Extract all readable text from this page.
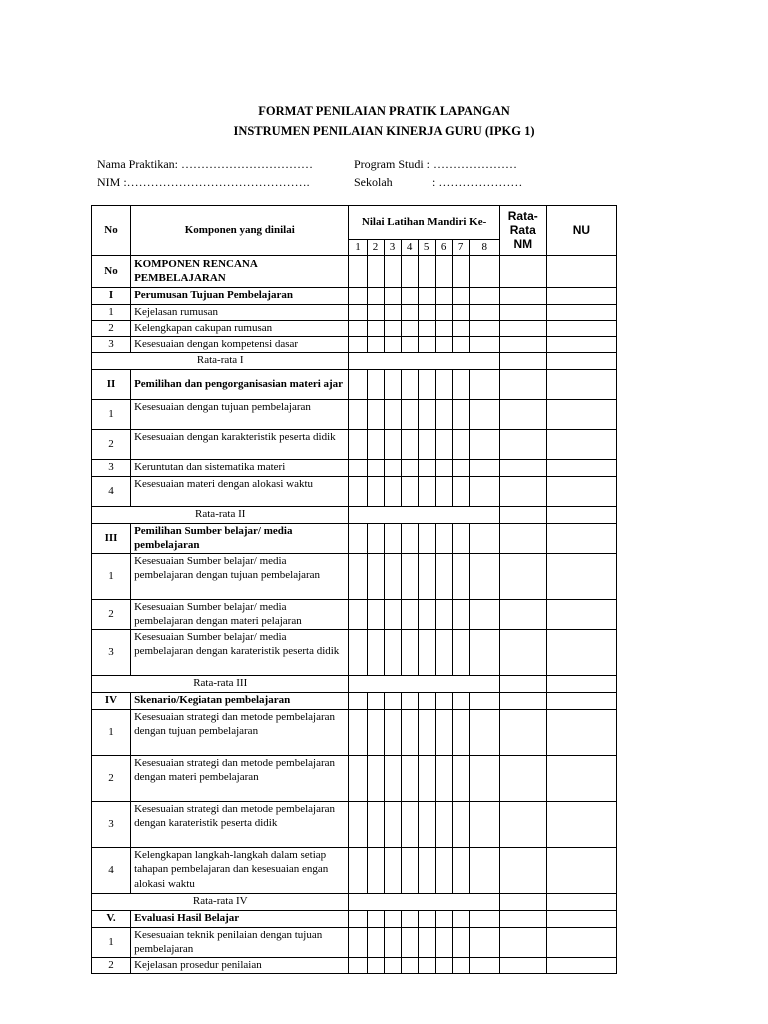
FORMAT PENILAIAN PRATIK LAPANGAN
INSTRUMEN PENILAIAN KINERJA GURU (IPKG 1)
Nama Praktikan: ……………………………	Program Studi : …………………
NIM :……………………………………….	Sekolah	: …………………
No	Komponen yang dinilai	Nilai Latihan Mandiri Ke-								Rata-Rata NM	NU
		1	2	3	4	5	6	7	8		
No	KOMPONEN RENCANA PEMBELAJARAN										
I	Perumusan Tujuan Pembelajaran										
1	Kejelasan rumusan										
2	Kelengkapan cakupan rumusan										
3	Kesesuaian dengan kompetensi dasar										
Rata-rata I											
II	Pemilihan dan pengorganisasian materi ajar										
1	Kesesuaian dengan tujuan pembelajaran										
2	Kesesuaian dengan karakteristik peserta didik										
3	Keruntutan dan sistematika materi										
4	Kesesuaian materi dengan alokasi waktu										
Rata-rata II											
III	Pemilihan Sumber belajar/ media pembelajaran										
1	Kesesuaian Sumber belajar/ media pembelajaran dengan tujuan pembelajaran										
2	Kesesuaian Sumber belajar/ media pembelajaran dengan materi pelajaran										
3	Kesesuaian Sumber belajar/ media pembelajaran dengan karateristik peserta didik										
Rata-rata III											
IV	Skenario/Kegiatan pembelajaran										
1	Kesesuaian strategi dan metode pembelajaran dengan tujuan pembelajaran										
2	Kesesuaian strategi dan metode pembelajaran dengan materi pembelajaran										
3	Kesesuaian strategi dan metode pembelajaran dengan karateristik peserta didik										
4	Kelengkapan langkah-langkah dalam setiap tahapan pembelajaran dan kesesuaian engan alokasi waktu										
Rata-rata IV											
V.	Evaluasi Hasil Belajar										
1	Kesesuaian teknik penilaian dengan tujuan pembelajaran										
2	Kejelasan prosedur penilaian										
